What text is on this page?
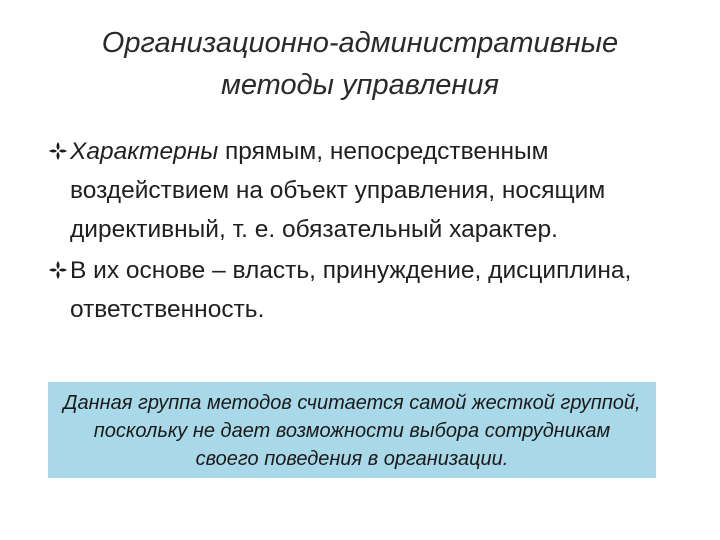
Организационно-административные
методы управления

Характерны прямым, непосредственным воздействием на объект управления, носящим директивный, т. е. обязательный характер.

В их основе – власть, принуждение, дисциплина, ответственность.

Данная группа методов считается самой жесткой группой, поскольку не дает возможности выбора сотрудникам своего поведения в организации.
